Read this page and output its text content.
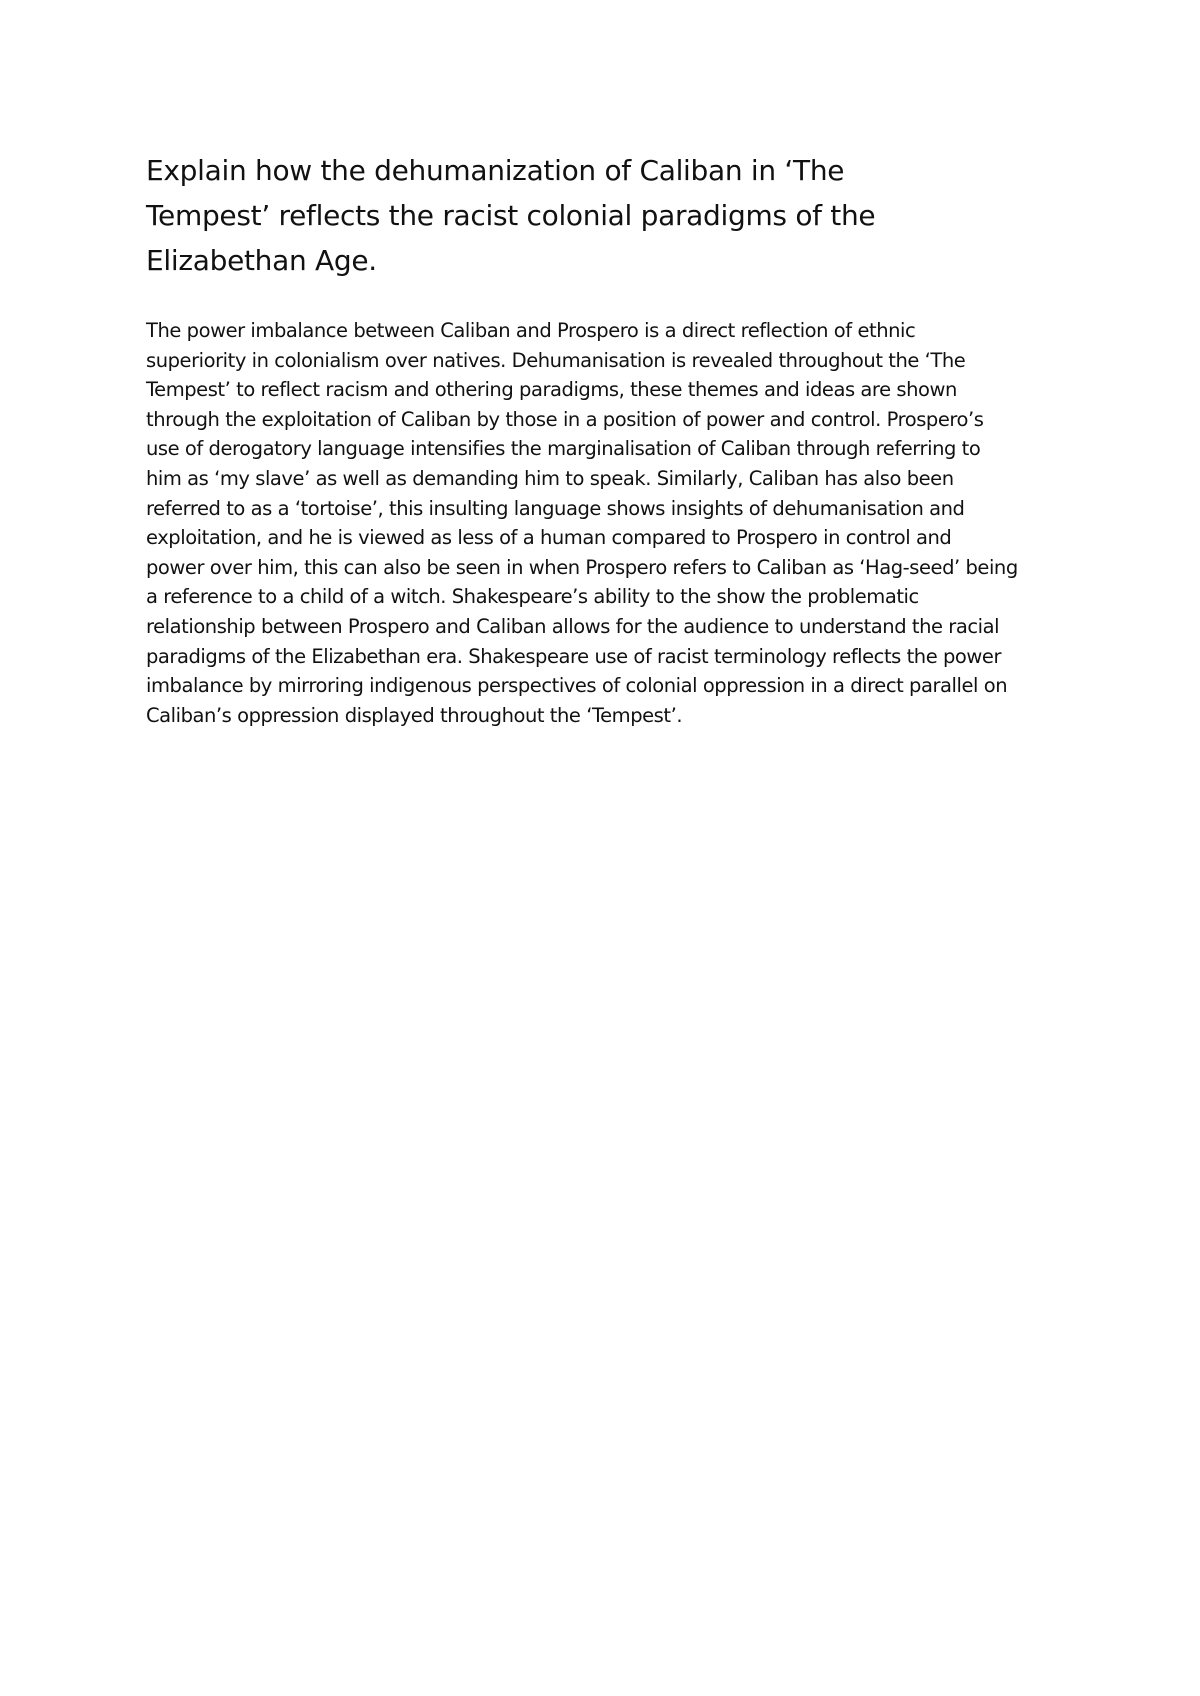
Explain how the dehumanization of Caliban in ‘The
Tempest’ reflects the racist colonial paradigms of the
Elizabethan Age.
The power imbalance between Caliban and Prospero is a direct reflection of ethnic
superiority in colonialism over natives. Dehumanisation is revealed throughout the ‘The
Tempest’ to reflect racism and othering paradigms, these themes and ideas are shown
through the exploitation of Caliban by those in a position of power and control. Prospero’s
use of derogatory language intensifies the marginalisation of Caliban through referring to
him as ‘my slave’ as well as demanding him to speak. Similarly, Caliban has also been
referred to as a ‘tortoise’, this insulting language shows insights of dehumanisation and
exploitation, and he is viewed as less of a human compared to Prospero in control and
power over him, this can also be seen in when Prospero refers to Caliban as ‘Hag-seed’ being
a reference to a child of a witch. Shakespeare’s ability to the show the problematic
relationship between Prospero and Caliban allows for the audience to understand the racial
paradigms of the Elizabethan era. Shakespeare use of racist terminology reflects the power
imbalance by mirroring indigenous perspectives of colonial oppression in a direct parallel on
Caliban’s oppression displayed throughout the ‘Tempest’.
